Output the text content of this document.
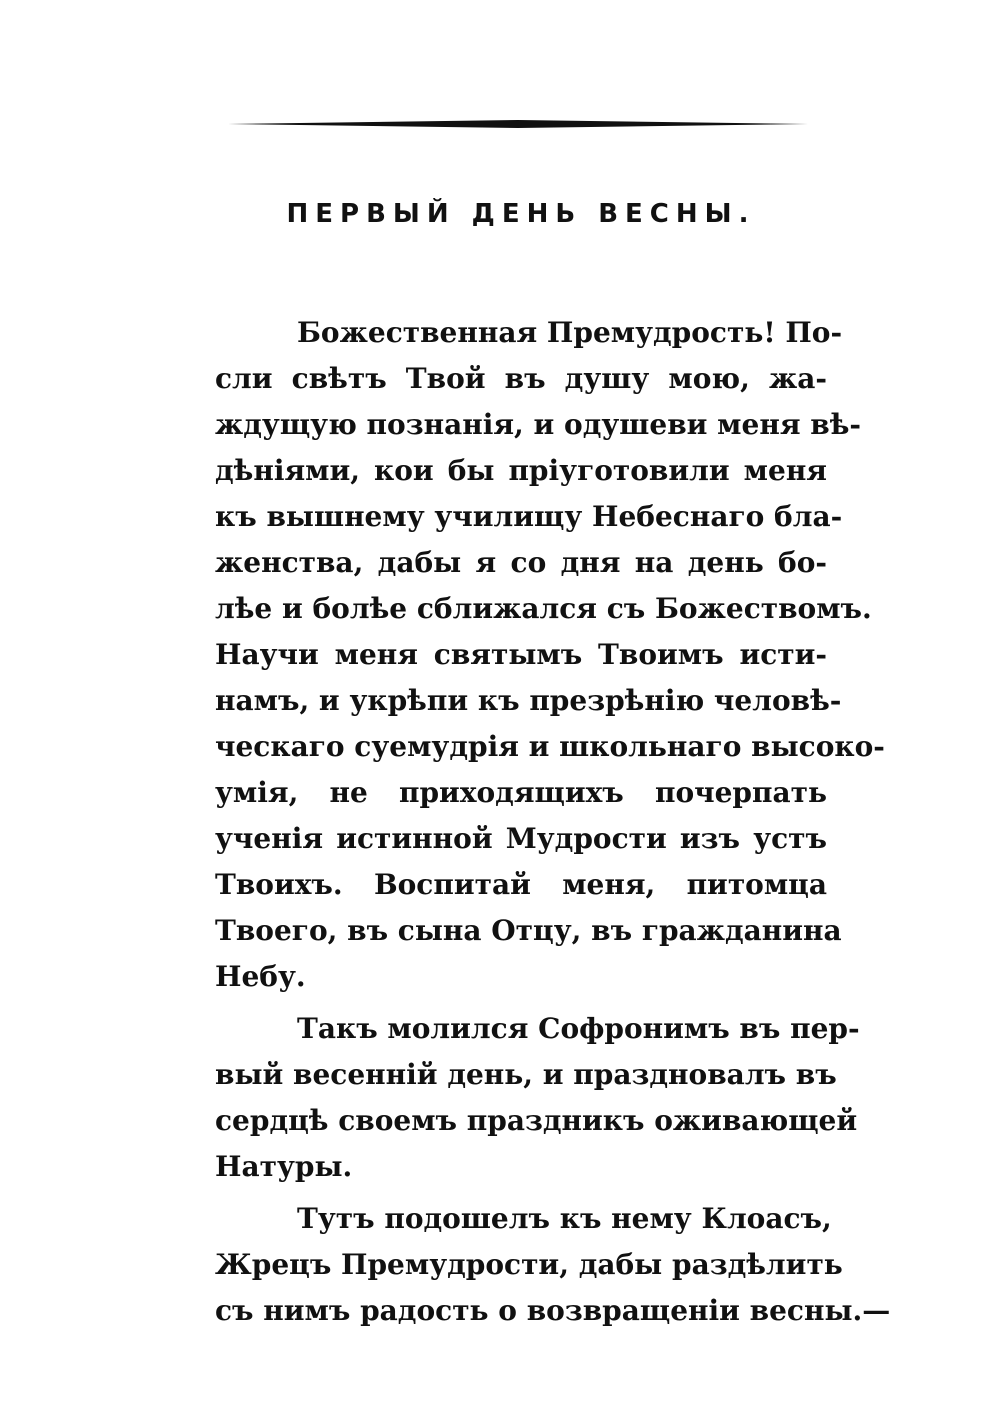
ПЕРВЫЙ ДЕНЬ ВЕСНЫ.
Божественная Премудрость! По-
сли свѣтъ Твой въ душу мою, жа-
ждущую познанія, и одушеви меня вѣ-
дѣніями, кои бы пріуготовили меня
къ вышнему училищу Небеснаго бла-
женства, дабы я со дня на день бо-
лѣе и болѣе сближался съ Божествомъ.
Научи меня святымъ Твоимъ исти-
намъ, и укрѣпи къ презрѣнію человѣ-
ческаго суемудрія и школьнаго высоко-
умія, не приходящихъ почерпать
ученія истинной Мудрости изъ устъ
Твоихъ. Воспитай меня, питомца
Твоего, въ сына Отцу, въ гражданина
Небу.
Такъ молился Софронимъ въ пер-
вый весенній день, и праздновалъ въ
сердцѣ своемъ праздникъ оживающей
Натуры.
Тутъ подошелъ къ нему Клоасъ,
Жрецъ Премудрости, дабы раздѣлить
съ нимъ радость о возвращеніи весны.—
